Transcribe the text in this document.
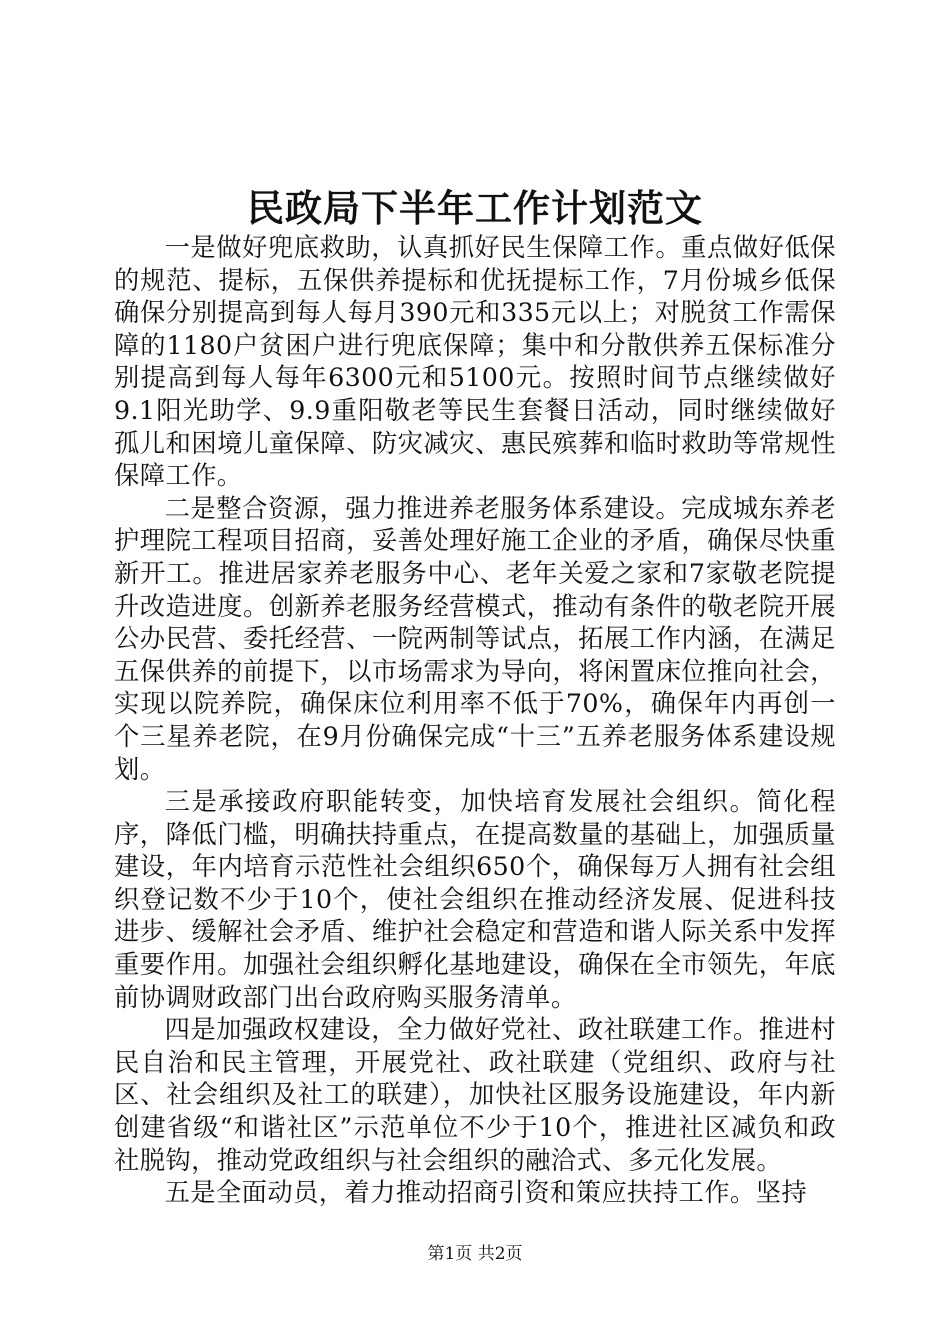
民政局下半年工作计划范文

一是做好兜底救助，认真抓好民生保障工作。重点做好低保的规范、提标，五保供养提标和优抚提标工作，7月份城乡低保确保分别提高到每人每月390元和335元以上；对脱贫工作需保障的1180户贫困户进行兜底保障；集中和分散供养五保标准分别提高到每人每年6300元和5100元。按照时间节点继续做好9.1阳光助学、9.9重阳敬老等民生套餐日活动，同时继续做好孤儿和困境儿童保障、防灾减灾、惠民殡葬和临时救助等常规性保障工作。

二是整合资源，强力推进养老服务体系建设。完成城东养老护理院工程项目招商，妥善处理好施工企业的矛盾，确保尽快重新开工。推进居家养老服务中心、老年关爱之家和7家敬老院提升改造进度。创新养老服务经营模式，推动有条件的敬老院开展公办民营、委托经营、一院两制等试点，拓展工作内涵，在满足五保供养的前提下，以市场需求为导向，将闲置床位推向社会，实现以院养院，确保床位利用率不低于70%，确保年内再创一个三星养老院，在9月份确保完成“十三”五养老服务体系建设规划。

三是承接政府职能转变，加快培育发展社会组织。简化程序，降低门槛，明确扶持重点，在提高数量的基础上，加强质量建设，年内培育示范性社会组织650个，确保每万人拥有社会组织登记数不少于10个，使社会组织在推动经济发展、促进科技进步、缓解社会矛盾、维护社会稳定和营造和谐人际关系中发挥重要作用。加强社会组织孵化基地建设，确保在全市领先，年底前协调财政部门出台政府购买服务清单。

四是加强政权建设，全力做好党社、政社联建工作。推进村民自治和民主管理，开展党社、政社联建（党组织、政府与社区、社会组织及社工的联建），加快社区服务设施建设，年内新创建省级“和谐社区”示范单位不少于10个，推进社区减负和政社脱钩，推动党政组织与社会组织的融洽式、多元化发展。

五是全面动员，着力推动招商引资和策应扶持工作。坚持

第1页 共2页
